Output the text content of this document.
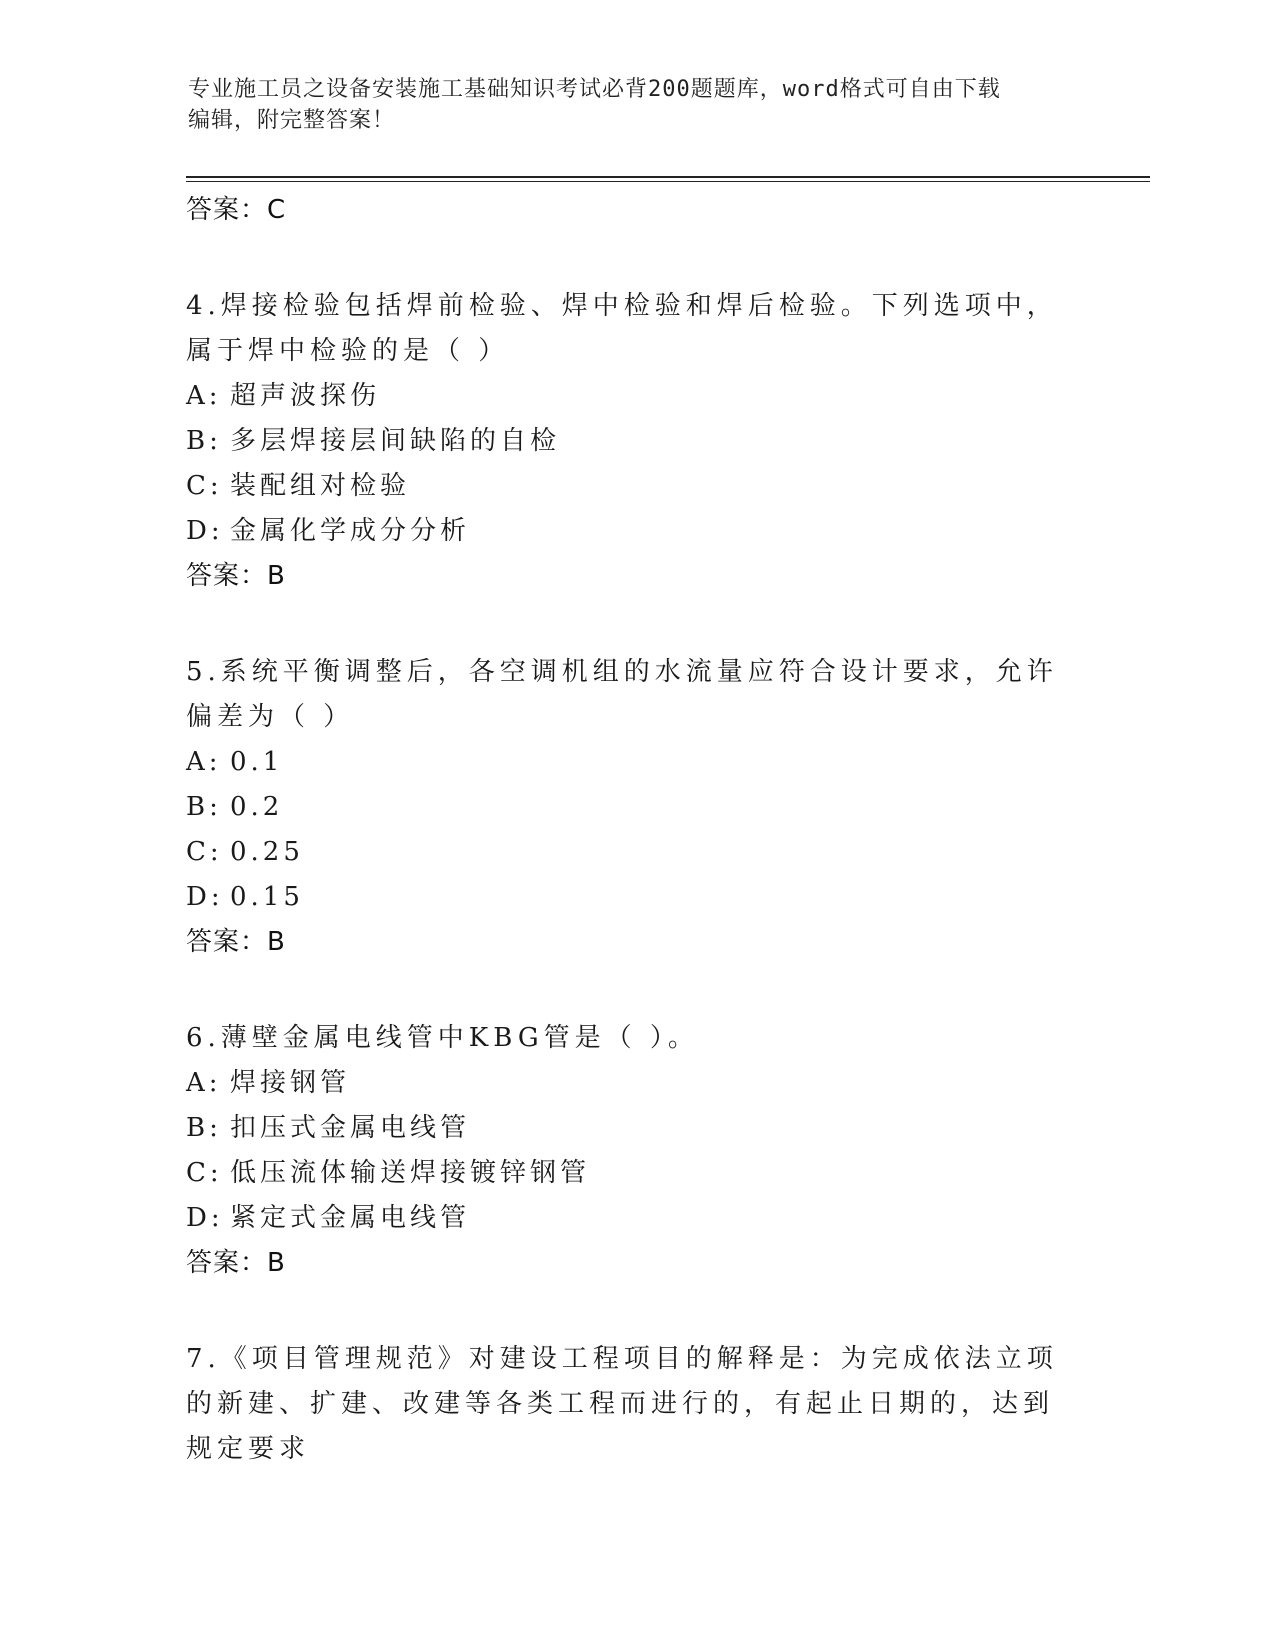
专业施工员之设备安装施工基础知识考试必背200题题库，word格式可自由下载
编辑，附完整答案！
答案：C

4.焊接检验包括焊前检验、焊中检验和焊后检验。下列选项中，属于焊中检验的是（ ）

A: 超声波探伤
B: 多层焊接层间缺陷的自检
C: 装配组对检验
D: 金属化学成分分析
答案：B

5.系统平衡调整后，各空调机组的水流量应符合设计要求，允许偏差为（ ）

A: 0.1
B: 0.2
C: 0.25
D: 0.15
答案：B

6.薄壁金属电线管中KBG管是（ ）。

A: 焊接钢管
B: 扣压式金属电线管
C: 低压流体输送焊接镀锌钢管
D: 紧定式金属电线管
答案：B

7.《项目管理规范》对建设工程项目的解释是：为完成依法立项的新建、扩建、改建等各类工程而进行的，有起止日期的，达到规定要求
